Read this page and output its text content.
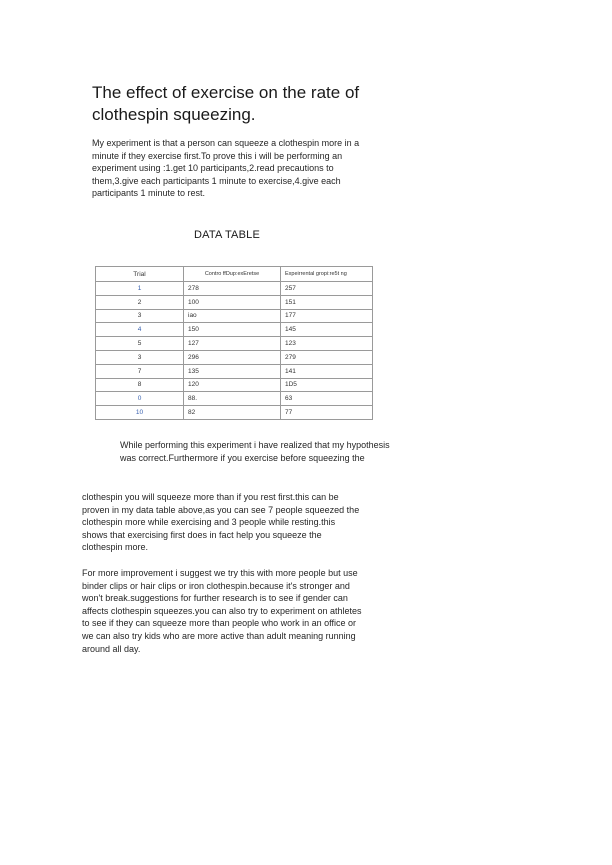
The effect of exercise on the rate of
clothespin squeezing.

My experiment is that a person can squeeze a clothespin more in a
minute if they exercise first.To prove this i will be performing an
experiment using :1.get 10 participants,2.read precautions to
them,3.give each participants 1 minute to exercise,4.give each
participants 1 minute to rest.

DATA TABLE
Trial	Contro ffDup:exEretse	Expeirrental gropi:re5t ng
1	278	257
2	100	151
3	iao	177
4	150	145
5	127	123
3	296	279
7	135	141
8	120	1D5
0	88.	63
10	82	77

While performing this experiment i have realized that my hypothesis
was correct.Furthermore if you exercise before squeezing the

clothespin you will squeeze more than if you rest first.this can be
proven in my data table above,as you can see 7 people squeezed the
clothespin more while exercising and 3 people while resting.this
shows that exercising first does in fact help you squeeze the
clothespin more.

For more improvement i suggest we try this with more people but use
binder clips or hair clips or iron clothespin.because it's stronger and
won't break.suggestions for further research is to see if gender can
affects clothespin squeezes.you can also try to experiment on athletes
to see if they can squeeze more than people who work in an office or
we can also try kids who are more active than adult meaning running
around all day.
